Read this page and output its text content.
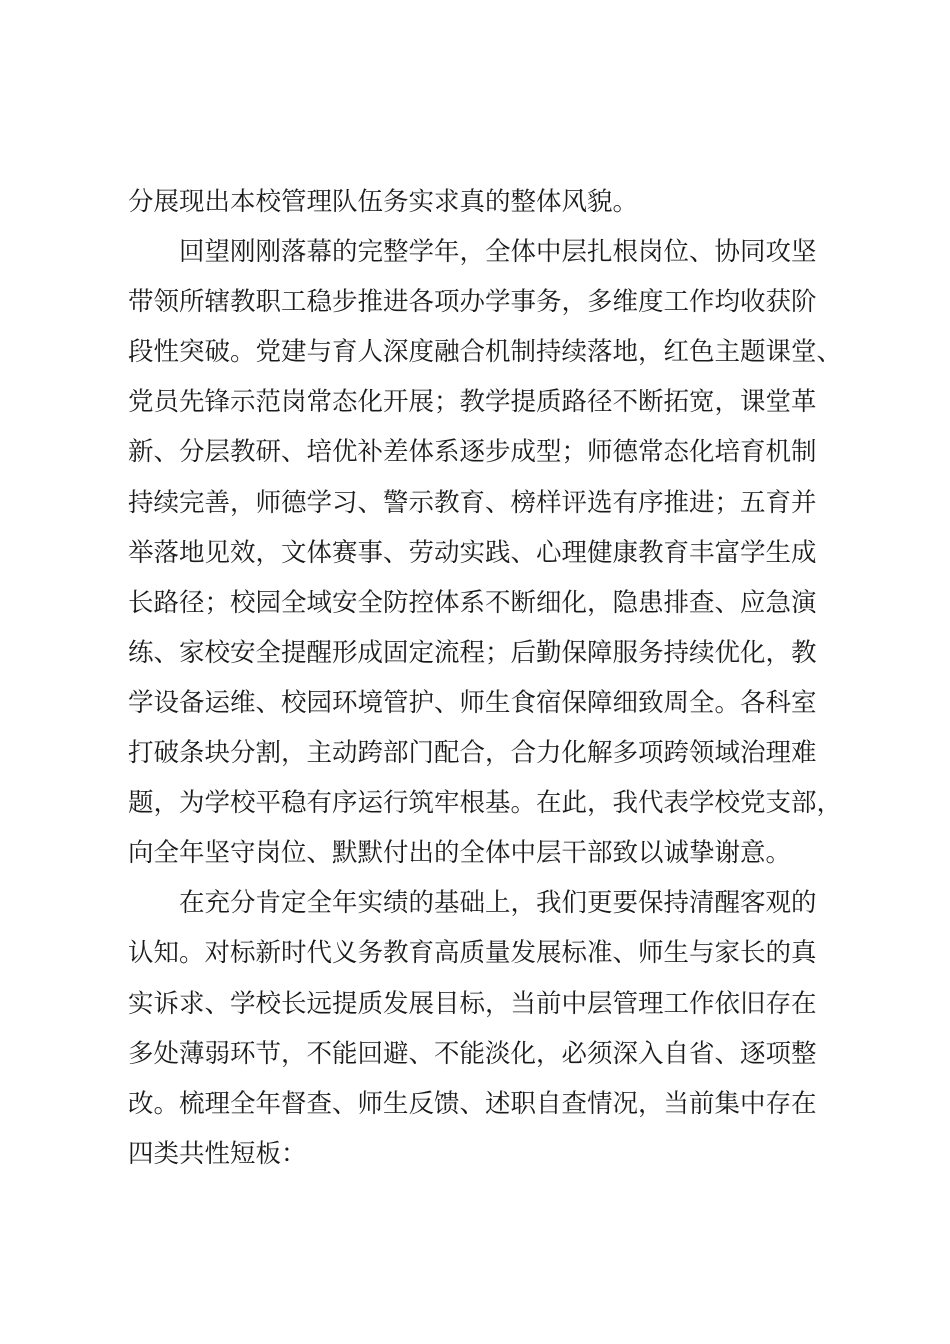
分展现出本校管理队伍务实求真的整体风貌。
回望刚刚落幕的完整学年，全体中层扎根岗位、协同攻坚
带领所辖教职工稳步推进各项办学事务，多维度工作均收获阶
段性突破。党建与育人深度融合机制持续落地，红色主题课堂、
党员先锋示范岗常态化开展；教学提质路径不断拓宽，课堂革
新、分层教研、培优补差体系逐步成型；师德常态化培育机制
持续完善，师德学习、警示教育、榜样评选有序推进；五育并
举落地见效，文体赛事、劳动实践、心理健康教育丰富学生成
长路径；校园全域安全防控体系不断细化，隐患排查、应急演
练、家校安全提醒形成固定流程；后勤保障服务持续优化，教
学设备运维、校园环境管护、师生食宿保障细致周全。各科室
打破条块分割，主动跨部门配合，合力化解多项跨领域治理难
题，为学校平稳有序运行筑牢根基。在此，我代表学校党支部，
向全年坚守岗位、默默付出的全体中层干部致以诚挚谢意。
在充分肯定全年实绩的基础上，我们更要保持清醒客观的
认知。对标新时代义务教育高质量发展标准、师生与家长的真
实诉求、学校长远提质发展目标，当前中层管理工作依旧存在
多处薄弱环节，不能回避、不能淡化，必须深入自省、逐项整
改。梳理全年督查、师生反馈、述职自查情况，当前集中存在
四类共性短板：
